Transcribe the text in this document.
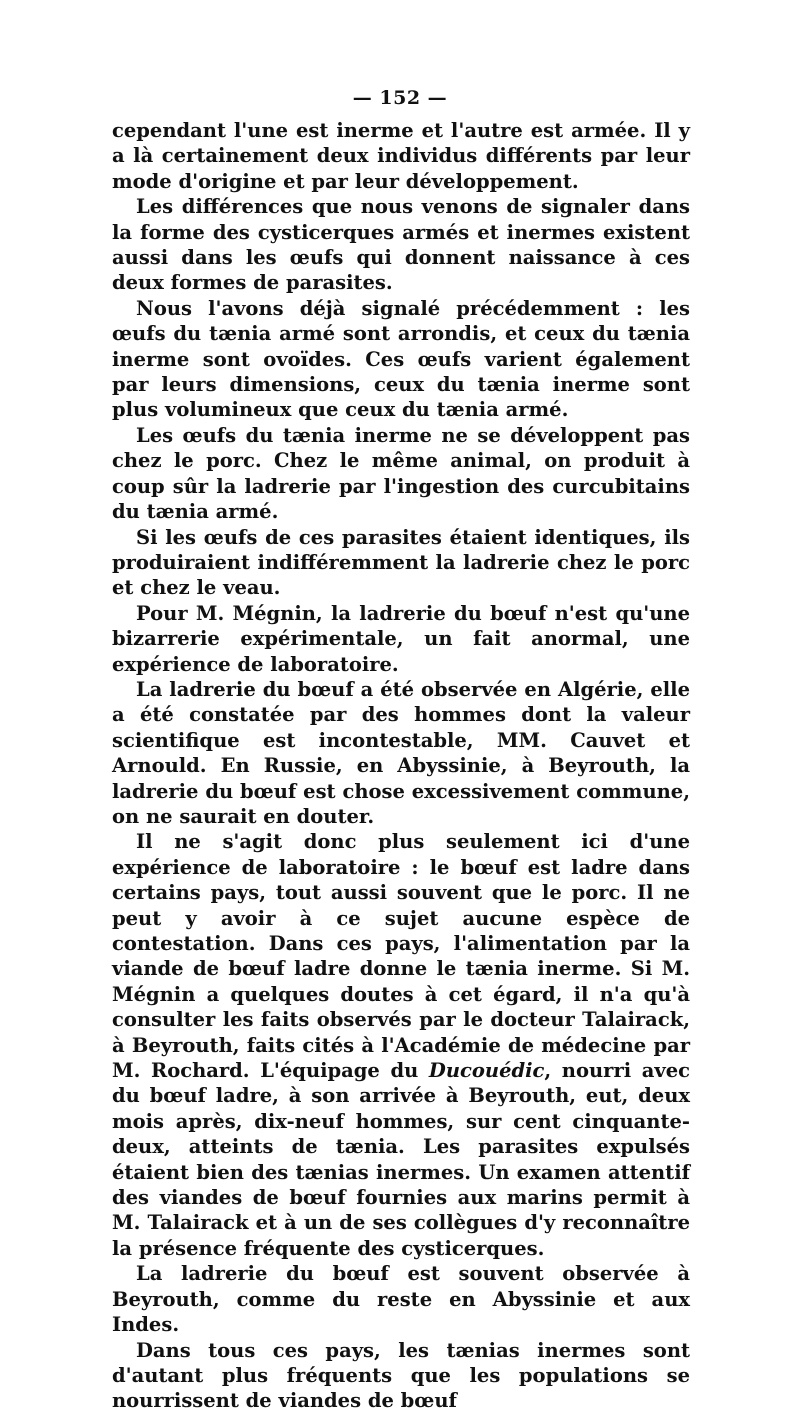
— 152 —

cependant l'une est inerme et l'autre est armée. Il y a là certainement deux individus différents par leur mode d'origine et par leur développement.

Les différences que nous venons de signaler dans la forme des cysticerques armés et inermes existent aussi dans les œufs qui donnent naissance à ces deux formes de parasites.

Nous l'avons déjà signalé précédemment : les œufs du tænia armé sont arrondis, et ceux du tænia inerme sont ovoïdes. Ces œufs varient également par leurs dimensions, ceux du tænia inerme sont plus volumineux que ceux du tænia armé.

Les œufs du tænia inerme ne se développent pas chez le porc. Chez le même animal, on produit à coup sûr la ladrerie par l'ingestion des curcubitains du tænia armé.

Si les œufs de ces parasites étaient identiques, ils produiraient indifféremment la ladrerie chez le porc et chez le veau.

Pour M. Mégnin, la ladrerie du bœuf n'est qu'une bizarrerie expérimentale, un fait anormal, une expérience de laboratoire.

La ladrerie du bœuf a été observée en Algérie, elle a été constatée par des hommes dont la valeur scientifique est incontestable, MM. Cauvet et Arnould. En Russie, en Abyssinie, à Beyrouth, la ladrerie du bœuf est chose excessivement commune, on ne saurait en douter.

Il ne s'agit donc plus seulement ici d'une expérience de laboratoire : le bœuf est ladre dans certains pays, tout aussi souvent que le porc. Il ne peut y avoir à ce sujet aucune espèce de contestation. Dans ces pays, l'alimentation par la viande de bœuf ladre donne le tænia inerme. Si M. Mégnin a quelques doutes à cet égard, il n'a qu'à consulter les faits observés par le docteur Talairack, à Beyrouth, faits cités à l'Académie de médecine par M. Rochard. L'équipage du Ducouédic, nourri avec du bœuf ladre, à son arrivée à Beyrouth, eut, deux mois après, dix-neuf hommes, sur cent cinquante-deux, atteints de tænia. Les parasites expulsés étaient bien des tænias inermes. Un examen attentif des viandes de bœuf fournies aux marins permit à M. Talairack et à un de ses collègues d'y reconnaître la présence fréquente des cysticerques.

La ladrerie du bœuf est souvent observée à Beyrouth, comme du reste en Abyssinie et aux Indes.

Dans tous ces pays, les tænias inermes sont d'autant plus fréquents que les populations se nourrissent de viandes de bœuf
